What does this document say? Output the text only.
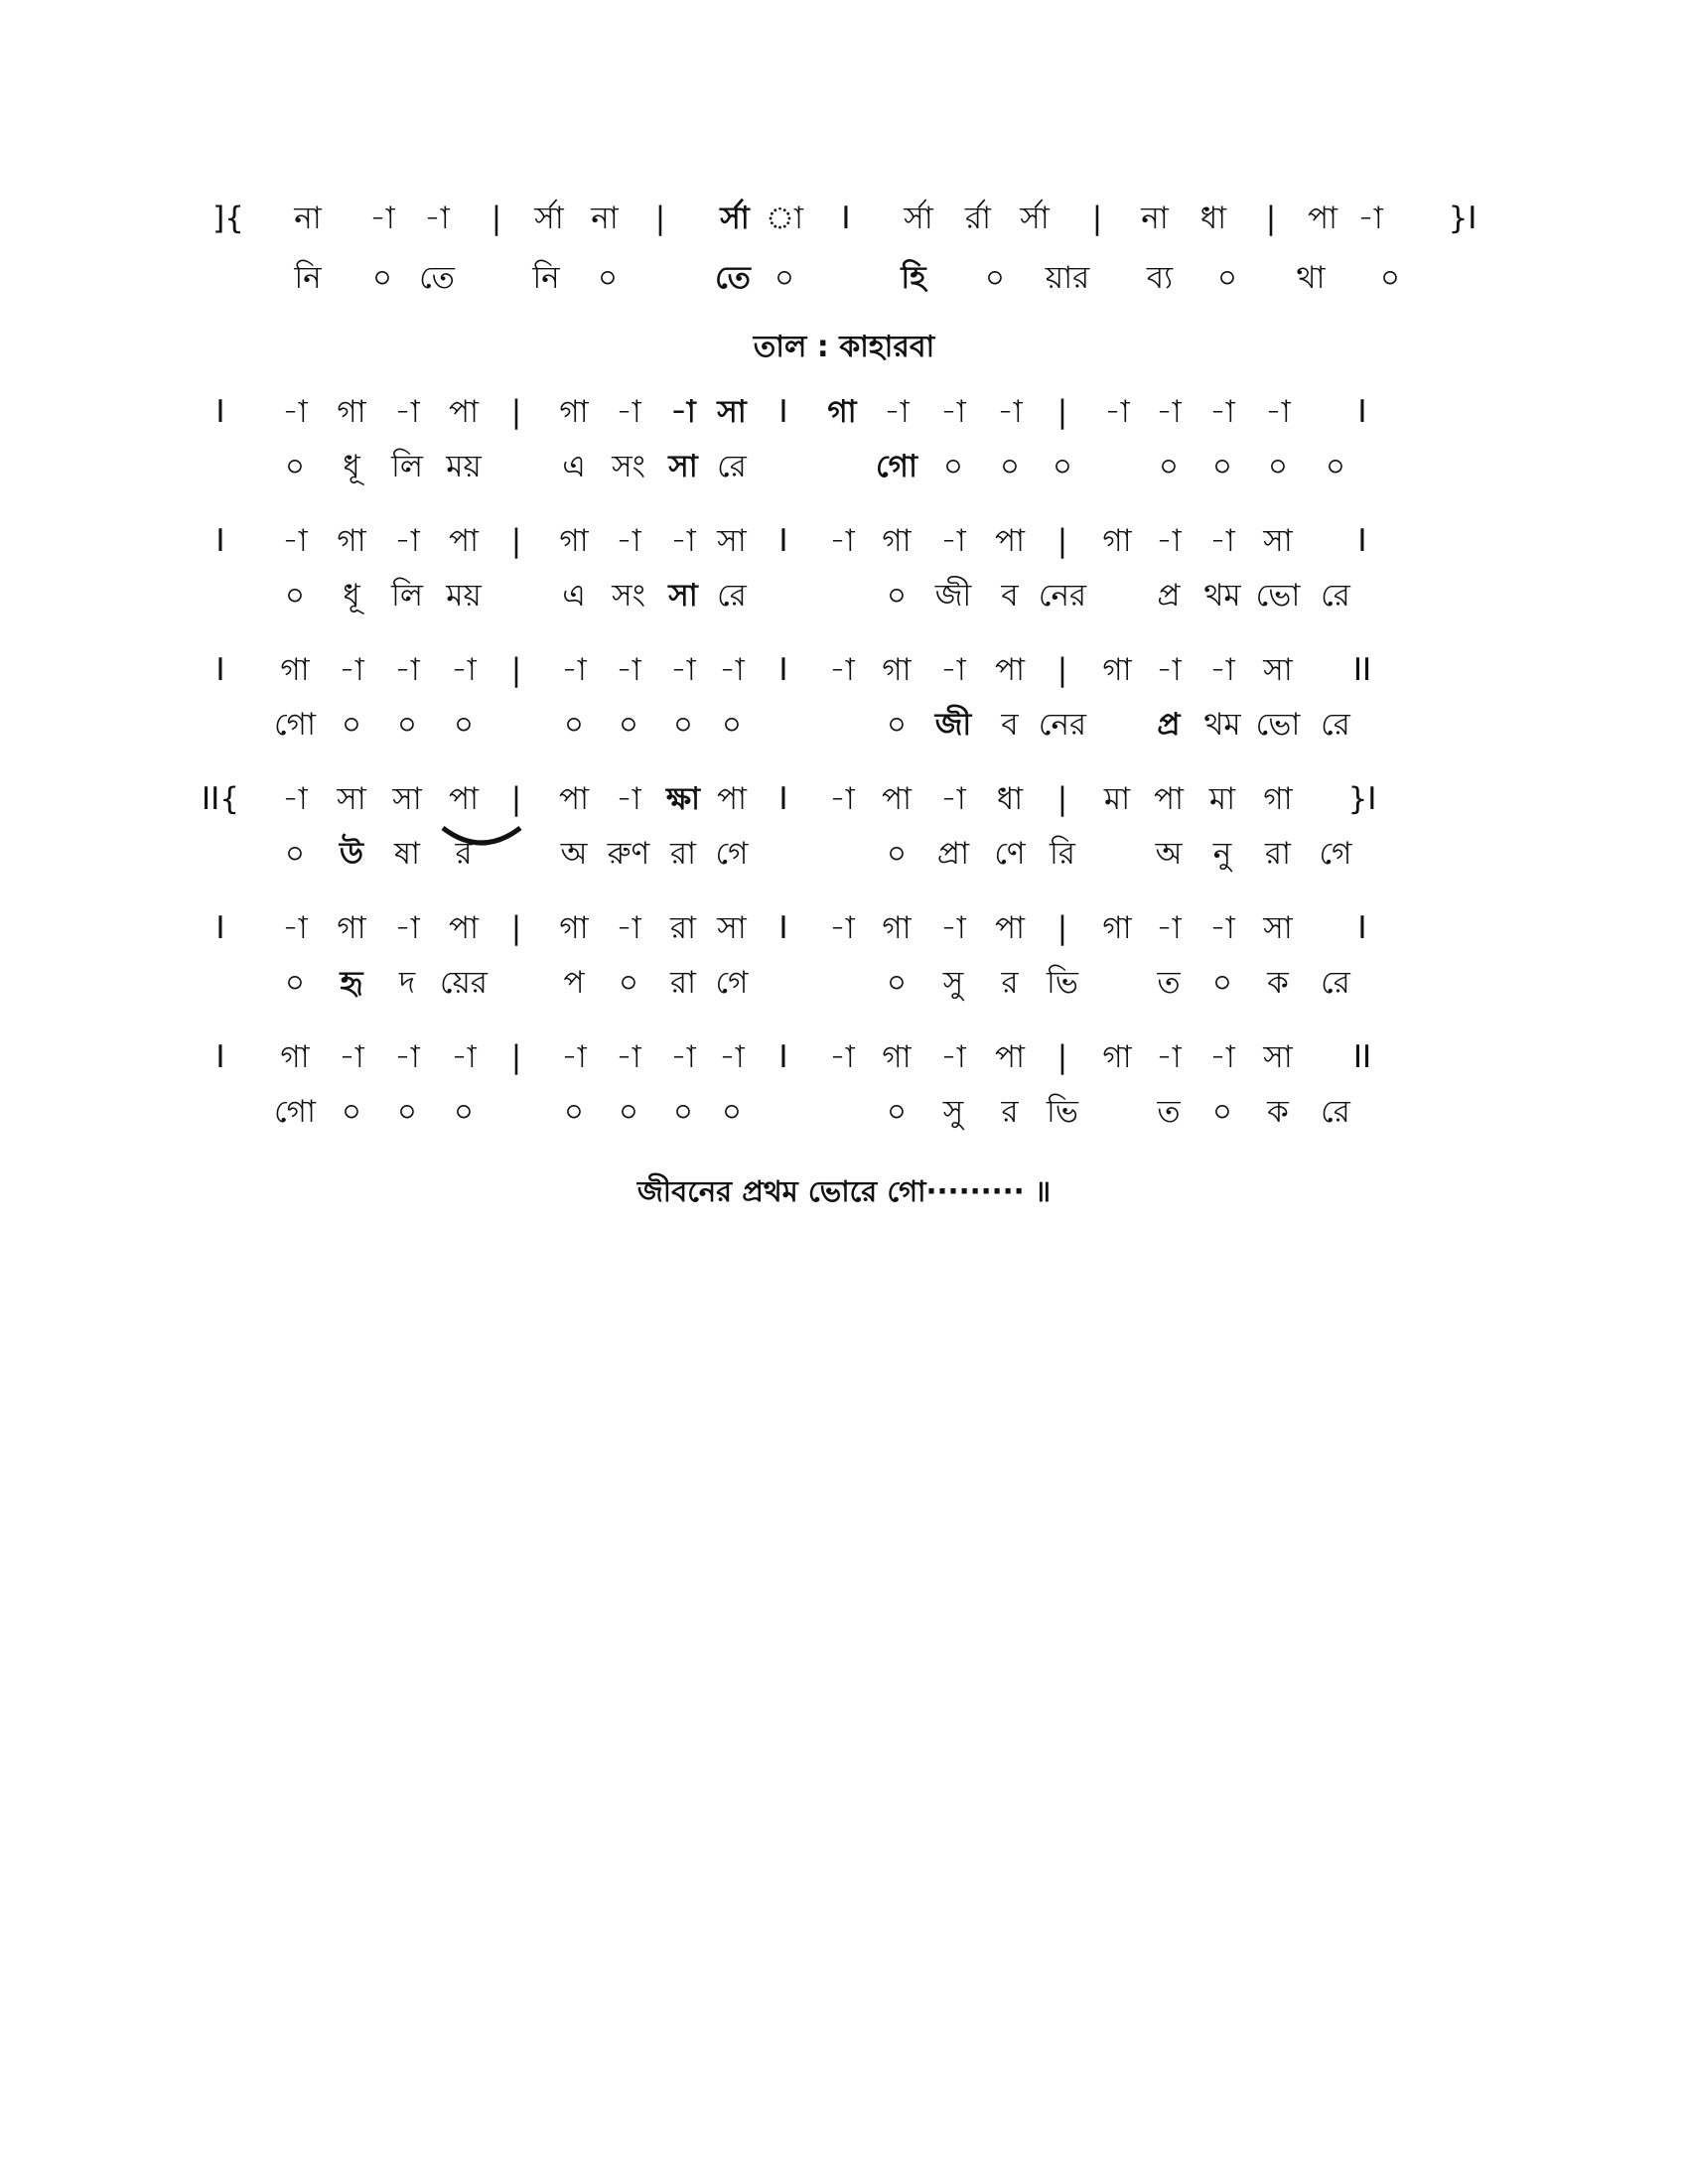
]{ না -া -া | র্সা না | র্সা া I র্সা র্রা র্সা | না ধা | পা -া }I
নি ০ তে	নি ০	তে ০	হি ০ য়ার ব্য ০ থা ০
তাল : কাহারবা
I -া গা -া পা | গা -া -া সা I গা -া -া -া | -া -া -া -া I
০ ধূ লি ময়	এ সং সা রে	গো ০ ০ ০	০ ০ ০ ০
I -া গা -া পা | গা -া -া সা I -া গা -া পা | গা -া -া সা I
০ ধূ লি ময়	এ সং সা রে	০ জী ব নের প্র থম ভো রে
I গা -া -া -া | -া -া -া -া I -া গা -া পা | গা -া -া সা II
গো ০ ০ ০	০ ০ ০ ০	০ জী ব নের প্র থম ভো রে
II{ -া সা সা পা | পা -া ক্ষা পা I -া পা -া ধা | মা পা মা গা }I
০ উ ষা র	অ রুণ রা গে	০ প্রা ণে রি	অ নু রা গে
I -া গা -া পা | গা -া রা সা I -া গা -া পা | গা -া -া সা I
০ হৃ দ য়ের প ০ রা গে	০ সু র ভি	ত ০ ক রে
I গা -া -া -া | -া -া -া -া I -া গা -া পা | গা -া -া সা II
গো ০ ০ ০	০ ০ ০ ০	০ সু র ভি	ত ০ ক রে
জীবনের প্রথম ভোরে গো········· ॥
